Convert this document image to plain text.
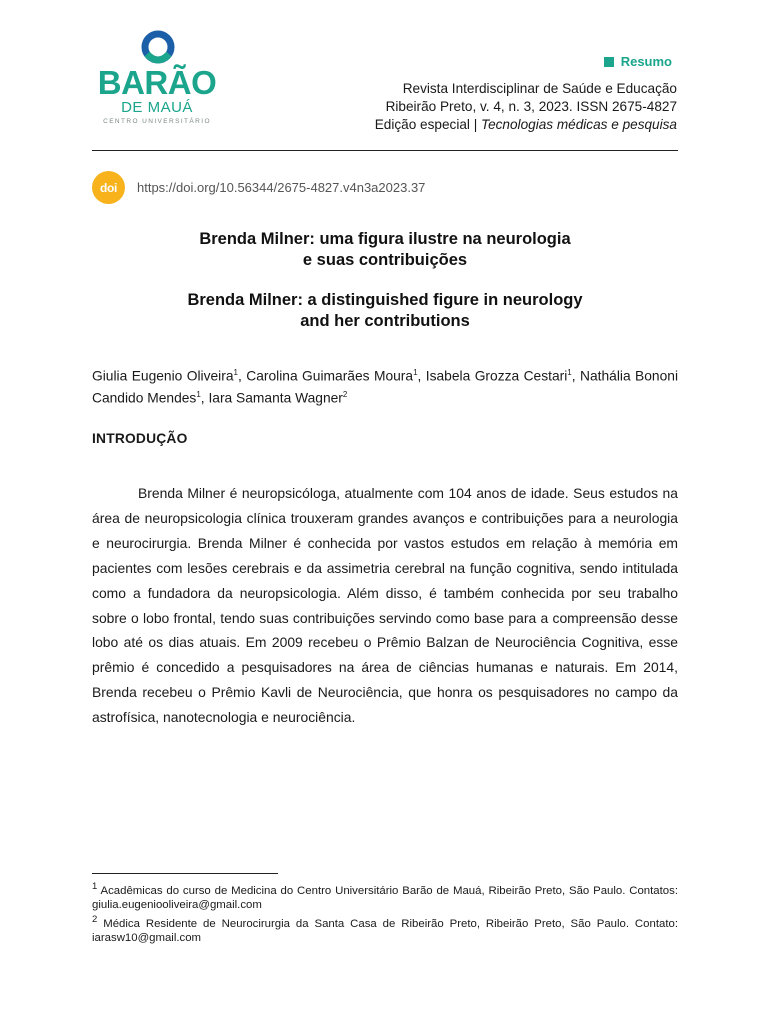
BARÃO
DE MAUÁ
CENTRO UNIVERSITÁRIO
Resumo
Revista Interdisciplinar de Saúde e Educação
Ribeirão Preto, v. 4, n. 3, 2023. ISSN 2675-4827
Edição especial | Tecnologias médicas e pesquisa
doi	https://doi.org/10.56344/2675-4827.v4n3a2023.37
Brenda Milner: uma figura ilustre na neurologia
e suas contribuições
Brenda Milner: a distinguished figure in neurology
and her contributions
Giulia Eugenio Oliveira$^1$, Carolina Guimarães Moura$^1$, Isabela Grozza Cestari$^1$, Nathália Bononi Candido Mendes$^1$, Iara Samanta Wagner$^2$
INTRODUÇÃO
Brenda Milner é neuropsicóloga, atualmente com 104 anos de idade. Seus estudos na área de neuropsicologia clínica trouxeram grandes avanços e contribuições para a neurologia e neurocirurgia. Brenda Milner é conhecida por vastos estudos em relação à memória em pacientes com lesões cerebrais e da assimetria cerebral na função cognitiva, sendo intitulada como a fundadora da neuropsicologia. Além disso, é também conhecida por seu trabalho sobre o lobo frontal, tendo suas contribuições servindo como base para a compreensão desse lobo até os dias atuais. Em 2009 recebeu o Prêmio Balzan de Neurociência Cognitiva, esse prêmio é concedido a pesquisadores na área de ciências humanas e naturais. Em 2014, Brenda recebeu o Prêmio Kavli de Neurociência, que honra os pesquisadores no campo da astrofísica, nanotecnologia e neurociência.

$^1$ Acadêmicas do curso de Medicina do Centro Universitário Barão de Mauá, Ribeirão Preto, São Paulo. Contatos: giulia.eugeniooliveira@gmail.com

$^2$ Médica Residente de Neurocirurgia da Santa Casa de Ribeirão Preto, Ribeirão Preto, São Paulo. Contato: iarasw10@gmail.com
